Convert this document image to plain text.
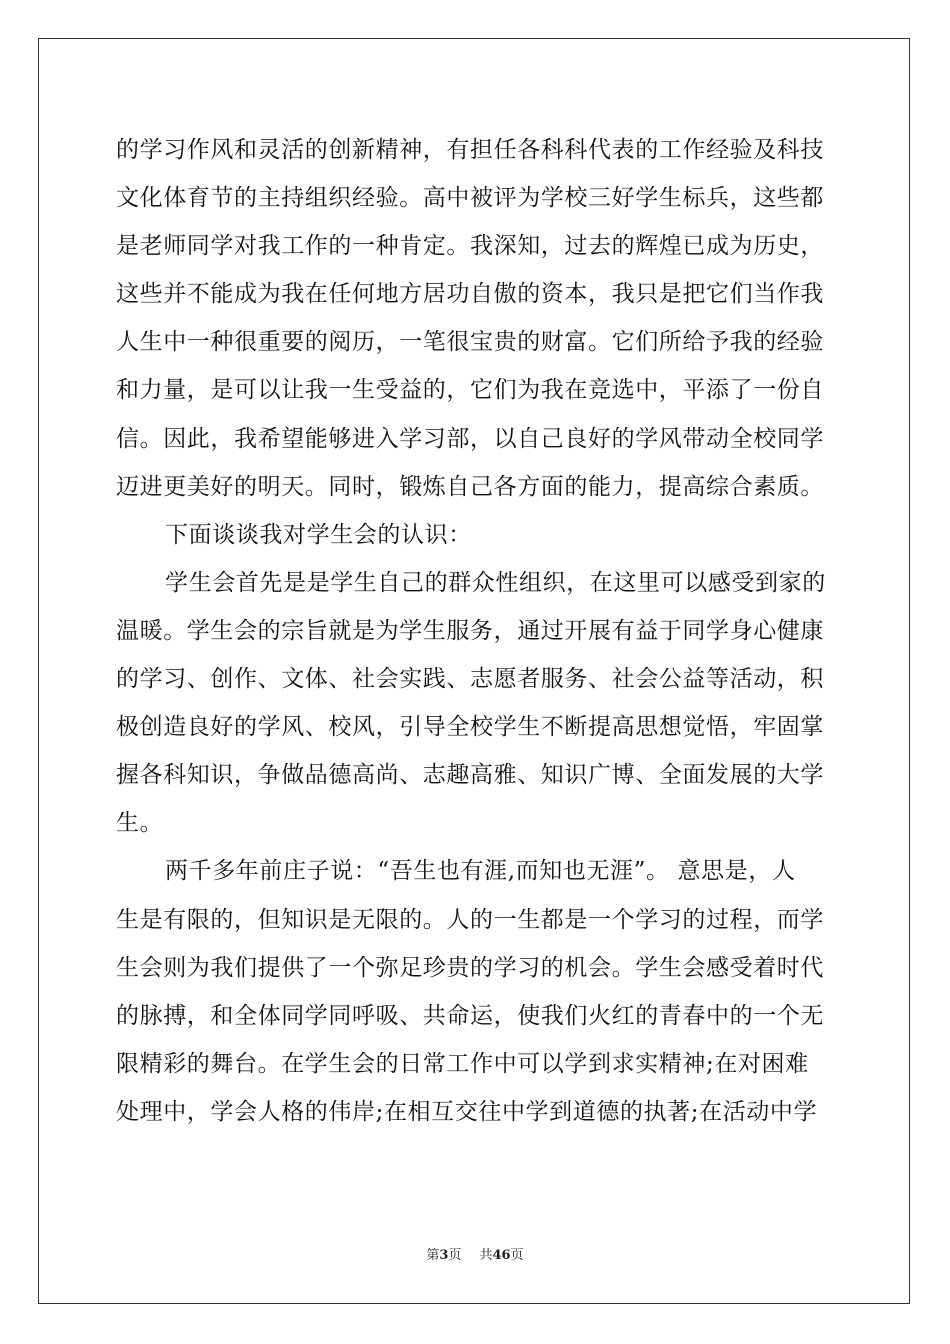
的学习作风和灵活的创新精神，有担任各科科代表的工作经验及科技
文化体育节的主持组织经验。高中被评为学校三好学生标兵，这些都
是老师同学对我工作的一种肯定。我深知，过去的辉煌已成为历史，
这些并不能成为我在任何地方居功自傲的资本，我只是把它们当作我
人生中一种很重要的阅历，一笔很宝贵的财富。它们所给予我的经验
和力量，是可以让我一生受益的，它们为我在竞选中，平添了一份自
信。因此，我希望能够进入学习部，以自己良好的学风带动全校同学
迈进更美好的明天。同时，锻炼自己各方面的能力，提高综合素质。
下面谈谈我对学生会的认识：
学生会首先是是学生自己的群众性组织，在这里可以感受到家的
温暖。学生会的宗旨就是为学生服务，通过开展有益于同学身心健康
的学习、创作、文体、社会实践、志愿者服务、社会公益等活动，积
极创造良好的学风、校风，引导全校学生不断提高思想觉悟，牢固掌
握各科知识，争做品德高尚、志趣高雅、知识广博、全面发展的大学
生。
两千多年前庄子说：“吾生也有涯,而知也无涯”。 意思是，人
生是有限的，但知识是无限的。人的一生都是一个学习的过程，而学
生会则为我们提供了一个弥足珍贵的学习的机会。学生会感受着时代
的脉搏，和全体同学同呼吸、共命运，使我们火红的青春中的一个无
限精彩的舞台。在学生会的日常工作中可以学到求实精神;在对困难
处理中，学会人格的伟岸;在相互交往中学到道德的执著;在活动中学
第3页 共46页
